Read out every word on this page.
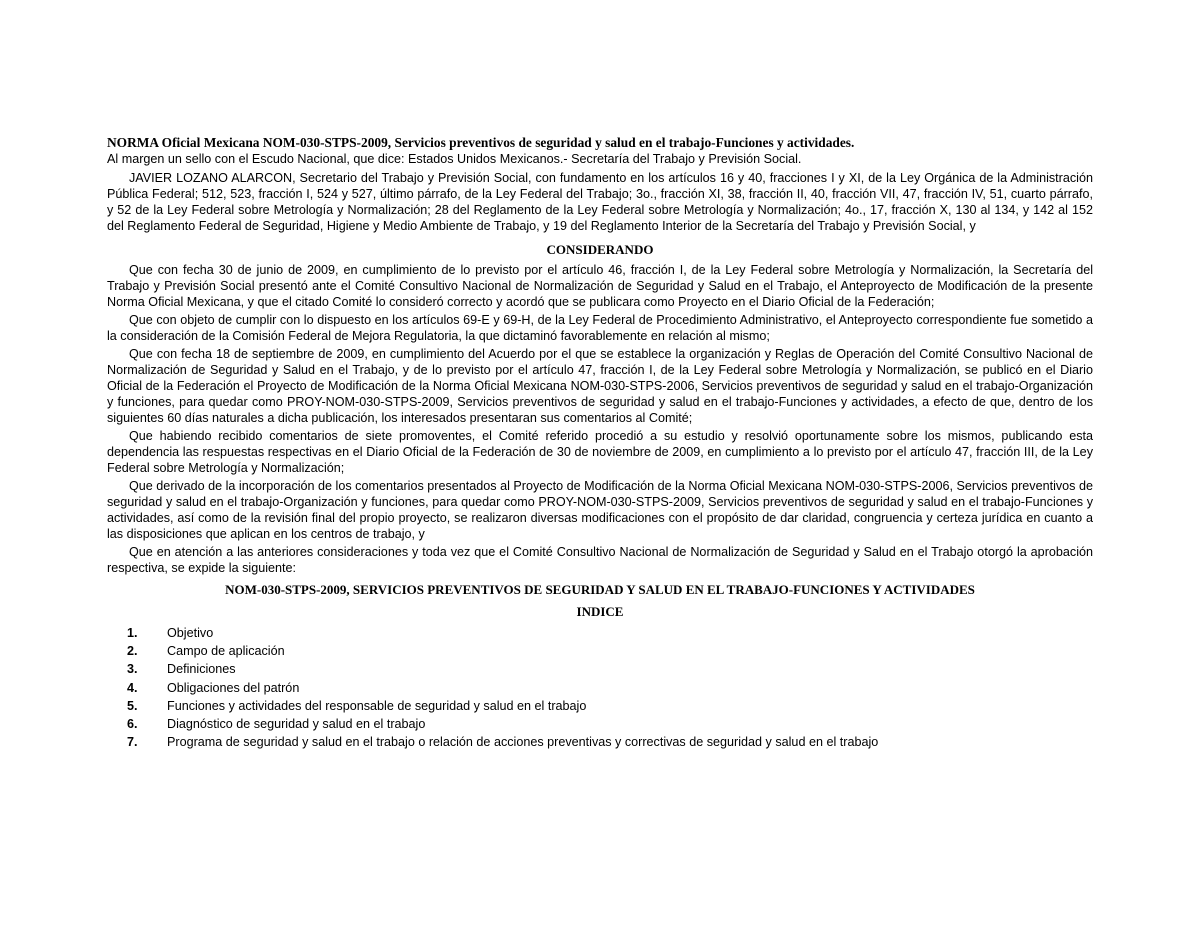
NORMA Oficial Mexicana NOM-030-STPS-2009, Servicios preventivos de seguridad y salud en el trabajo-Funciones y actividades.

Al margen un sello con el Escudo Nacional, que dice: Estados Unidos Mexicanos.- Secretaría del Trabajo y Previsión Social.

JAVIER LOZANO ALARCON, Secretario del Trabajo y Previsión Social, con fundamento en los artículos 16 y 40, fracciones I y XI, de la Ley Orgánica de la Administración Pública Federal; 512, 523, fracción I, 524 y 527, último párrafo, de la Ley Federal del Trabajo; 3o., fracción XI, 38, fracción II, 40, fracción VII, 47, fracción IV, 51, cuarto párrafo, y 52 de la Ley Federal sobre Metrología y Normalización; 28 del Reglamento de la Ley Federal sobre Metrología y Normalización; 4o., 17, fracción X, 130 al 134, y 142 al 152 del Reglamento Federal de Seguridad, Higiene y Medio Ambiente de Trabajo, y 19 del Reglamento Interior de la Secretaría del Trabajo y Previsión Social, y

CONSIDERANDO

Que con fecha 30 de junio de 2009, en cumplimiento de lo previsto por el artículo 46, fracción I, de la Ley Federal sobre Metrología y Normalización, la Secretaría del Trabajo y Previsión Social presentó ante el Comité Consultivo Nacional de Normalización de Seguridad y Salud en el Trabajo, el Anteproyecto de Modificación de la presente Norma Oficial Mexicana, y que el citado Comité lo consideró correcto y acordó que se publicara como Proyecto en el Diario Oficial de la Federación;

Que con objeto de cumplir con lo dispuesto en los artículos 69-E y 69-H, de la Ley Federal de Procedimiento Administrativo, el Anteproyecto correspondiente fue sometido a la consideración de la Comisión Federal de Mejora Regulatoria, la que dictaminó favorablemente en relación al mismo;

Que con fecha 18 de septiembre de 2009, en cumplimiento del Acuerdo por el que se establece la organización y Reglas de Operación del Comité Consultivo Nacional de Normalización de Seguridad y Salud en el Trabajo, y de lo previsto por el artículo 47, fracción I, de la Ley Federal sobre Metrología y Normalización, se publicó en el Diario Oficial de la Federación el Proyecto de Modificación de la Norma Oficial Mexicana NOM-030-STPS-2006, Servicios preventivos de seguridad y salud en el trabajo-Organización y funciones, para quedar como PROY-NOM-030-STPS-2009, Servicios preventivos de seguridad y salud en el trabajo-Funciones y actividades, a efecto de que, dentro de los siguientes 60 días naturales a dicha publicación, los interesados presentaran sus comentarios al Comité;

Que habiendo recibido comentarios de siete promoventes, el Comité referido procedió a su estudio y resolvió oportunamente sobre los mismos, publicando esta dependencia las respuestas respectivas en el Diario Oficial de la Federación de 30 de noviembre de 2009, en cumplimiento a lo previsto por el artículo 47, fracción III, de la Ley Federal sobre Metrología y Normalización;

Que derivado de la incorporación de los comentarios presentados al Proyecto de Modificación de la Norma Oficial Mexicana NOM-030-STPS-2006, Servicios preventivos de seguridad y salud en el trabajo-Organización y funciones, para quedar como PROY-NOM-030-STPS-2009, Servicios preventivos de seguridad y salud en el trabajo-Funciones y actividades, así como de la revisión final del propio proyecto, se realizaron diversas modificaciones con el propósito de dar claridad, congruencia y certeza jurídica en cuanto a las disposiciones que aplican en los centros de trabajo, y

Que en atención a las anteriores consideraciones y toda vez que el Comité Consultivo Nacional de Normalización de Seguridad y Salud en el Trabajo otorgó la aprobación respectiva, se expide la siguiente:

NOM-030-STPS-2009, SERVICIOS PREVENTIVOS DE SEGURIDAD Y SALUD EN EL TRABAJO-FUNCIONES Y ACTIVIDADES
INDICE
1.	Objetivo
2.	Campo de aplicación
3.	Definiciones
4.	Obligaciones del patrón
5.	Funciones y actividades del responsable de seguridad y salud en el trabajo
6.	Diagnóstico de seguridad y salud en el trabajo
7.	Programa de seguridad y salud en el trabajo o relación de acciones preventivas y correctivas de seguridad y salud en el trabajo
